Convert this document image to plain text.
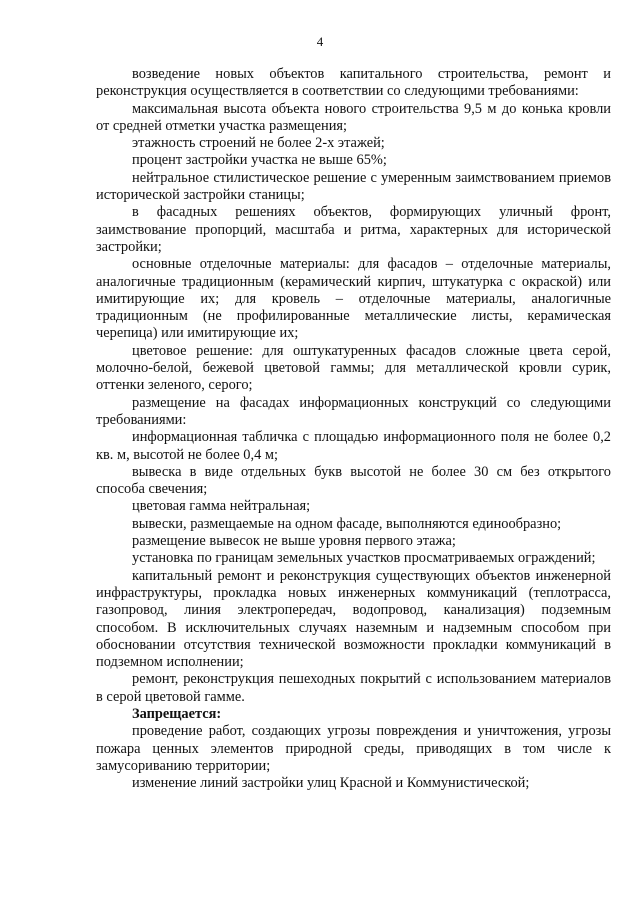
4

возведение новых объектов капитального строительства, ремонт и реконструкция осуществляется в соответствии со следующими требованиями:

максимальная высота объекта нового строительства 9,5 м до конька кровли от средней отметки участка размещения;

этажность строений не более 2-х этажей;

процент застройки участка не выше 65%;

нейтральное стилистическое решение с умеренным заимствованием приемов исторической застройки станицы;

в фасадных решениях объектов, формирующих уличный фронт, заимствование пропорций, масштаба и ритма, характерных для исторической застройки;

основные отделочные материалы: для фасадов – отделочные материалы, аналогичные традиционным (керамический кирпич, штукатурка с окраской) или имитирующие их; для кровель – отделочные материалы, аналогичные традиционным (не профилированные металлические листы, керамическая черепица) или имитирующие их;

цветовое решение: для оштукатуренных фасадов сложные цвета серой, молочно-белой, бежевой цветовой гаммы; для металлической кровли сурик, оттенки зеленого, серого;

размещение на фасадах информационных конструкций со следующими требованиями:

информационная табличка с площадью информационного поля не более 0,2 кв. м, высотой не более 0,4 м;

вывеска в виде отдельных букв высотой не более 30 см без открытого способа свечения;

цветовая гамма нейтральная;

вывески, размещаемые на одном фасаде, выполняются единообразно;

размещение вывесок не выше уровня первого этажа;

установка по границам земельных участков просматриваемых ограждений;

капитальный ремонт и реконструкция существующих объектов инженерной инфраструктуры, прокладка новых инженерных коммуникаций (теплотрасса, газопровод, линия электропередач, водопровод, канализация) подземным способом. В исключительных случаях наземным и надземным способом при обосновании отсутствия технической возможности прокладки коммуникаций в подземном исполнении;

ремонт, реконструкция пешеходных покрытий с использованием материалов в серой цветовой гамме.

Запрещается:

проведение работ, создающих угрозы повреждения и уничтожения, угрозы пожара ценных элементов природной среды, приводящих в том числе к замусориванию территории;

изменение линий застройки улиц Красной и Коммунистической;
